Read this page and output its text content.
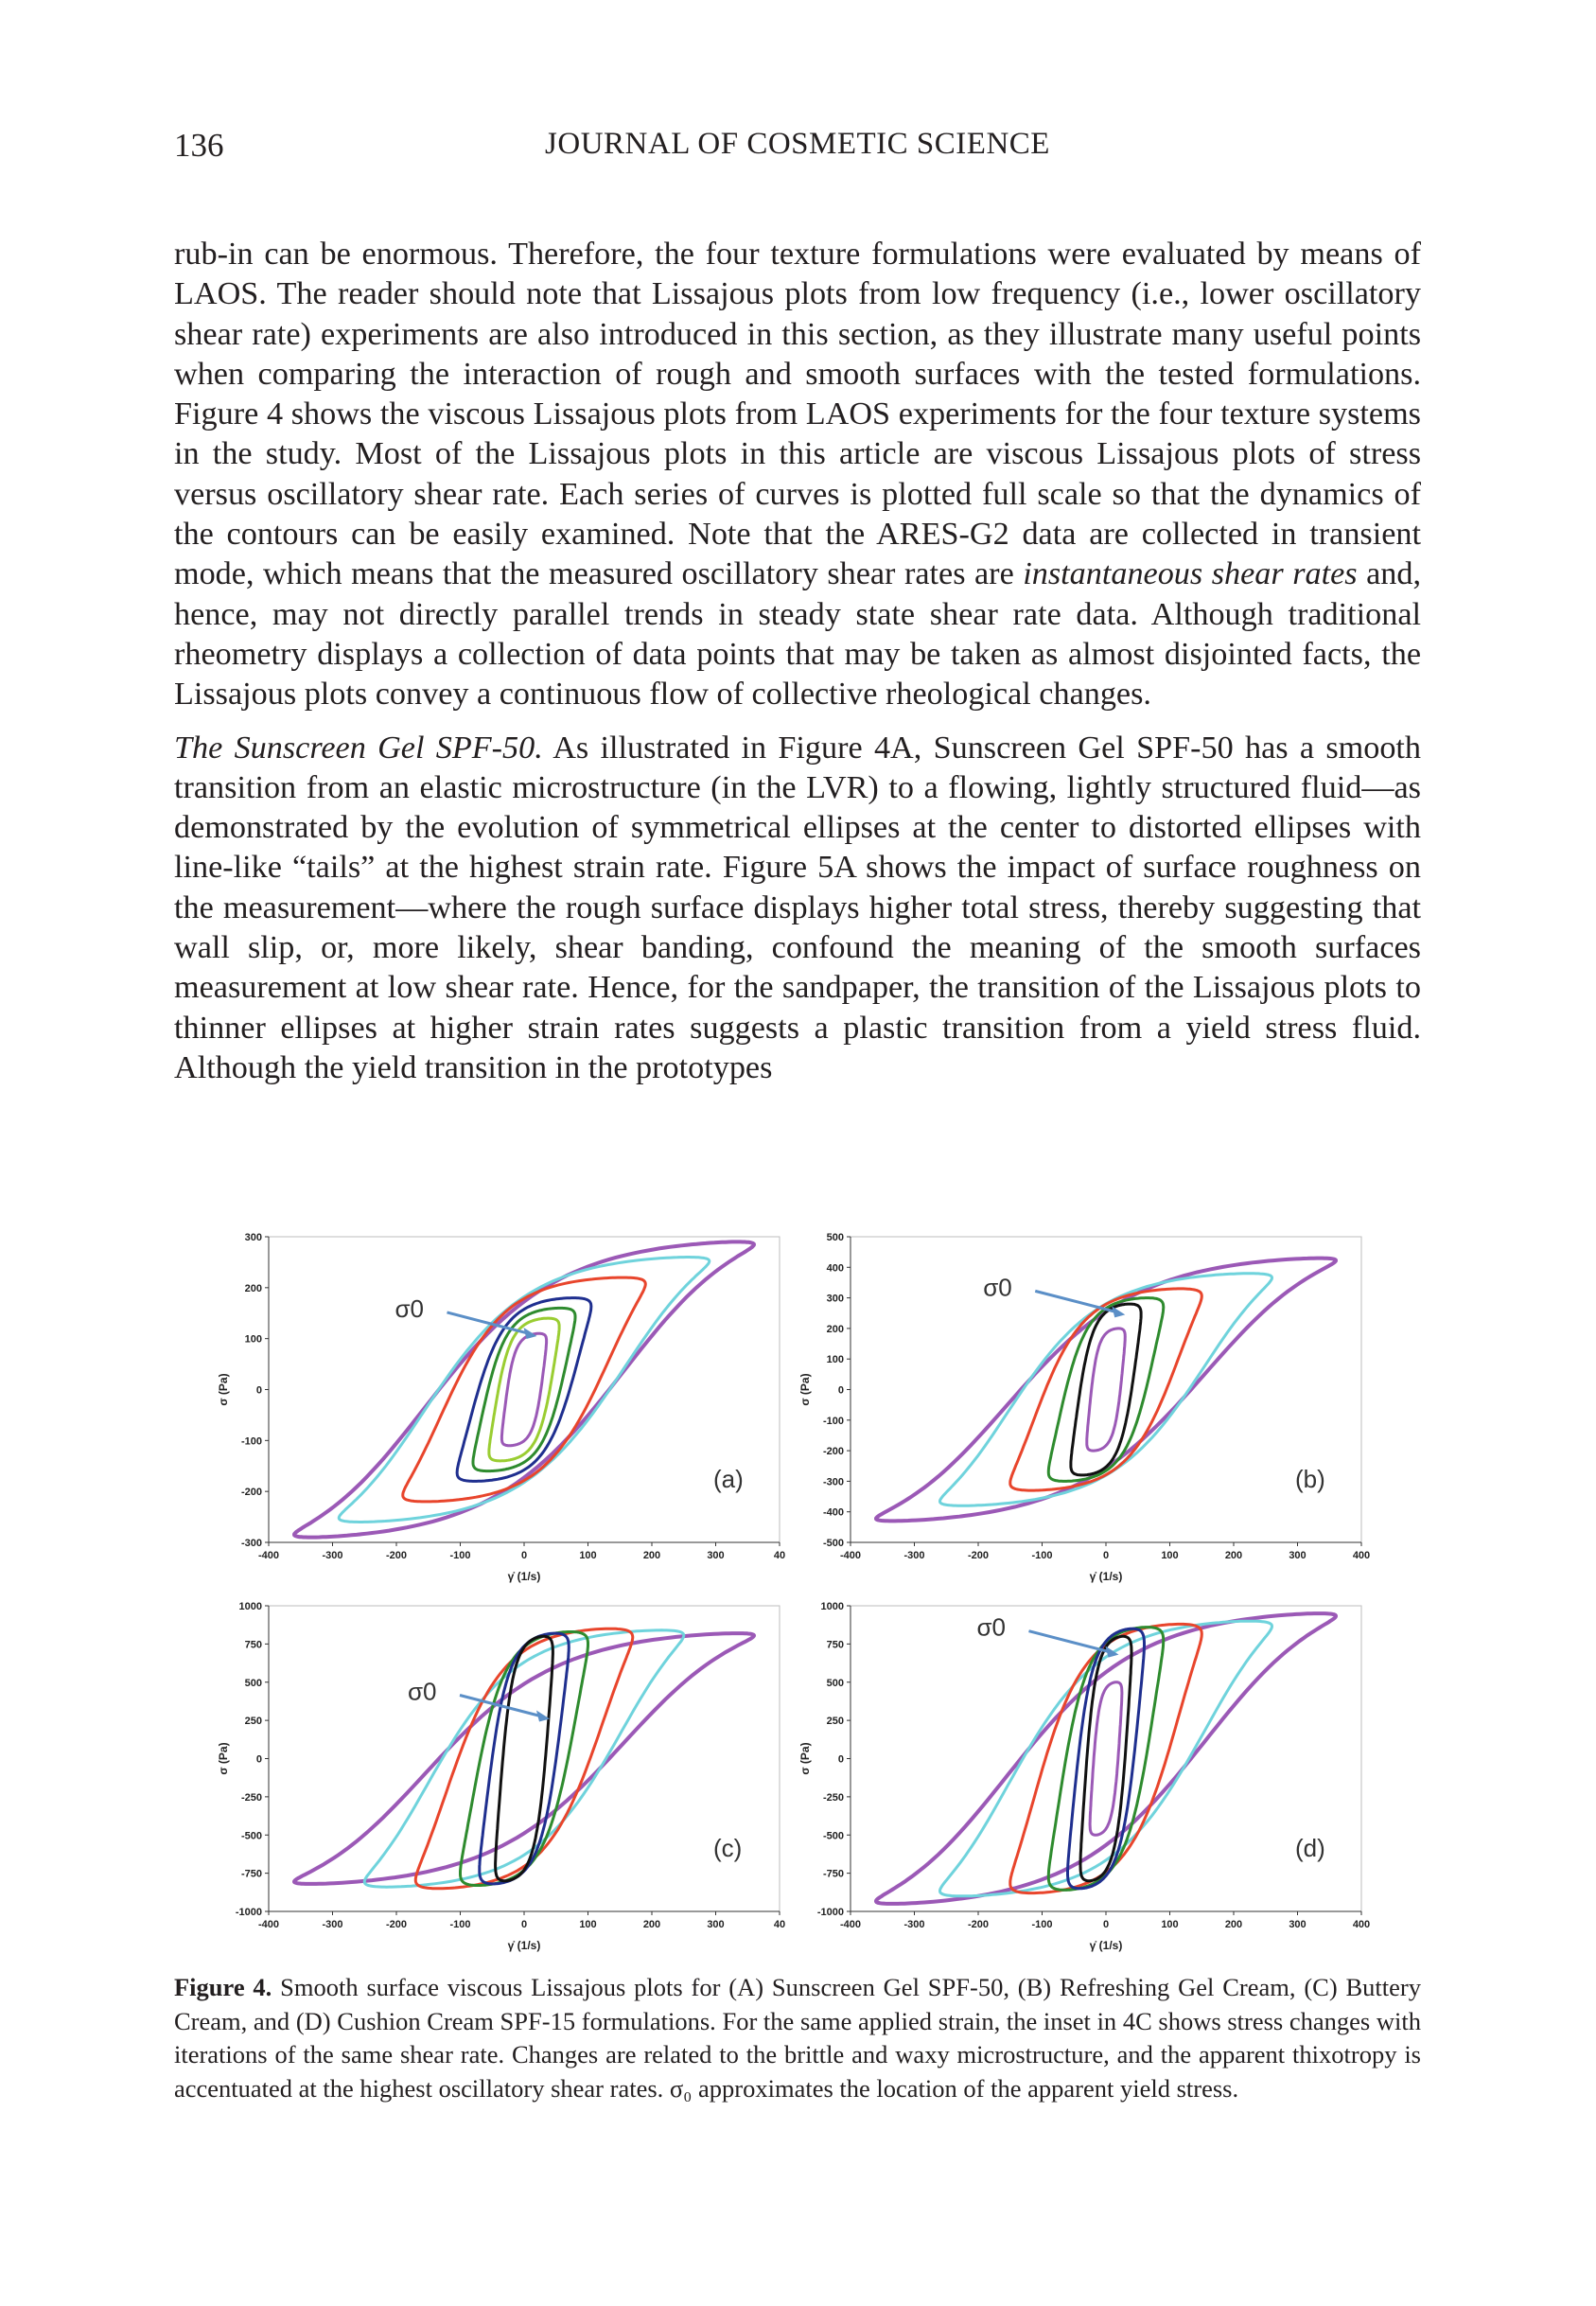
136	JOURNAL OF COSMETIC SCIENCE

rub-in can be enormous. Therefore, the four texture formulations were evaluated by means of LAOS. The reader should note that Lissajous plots from low frequency (i.e., lower oscillatory shear rate) experiments are also introduced in this section, as they illustrate many useful points when comparing the interaction of rough and smooth surfaces with the tested formulations. Figure 4 shows the viscous Lissajous plots from LAOS experiments for the four texture systems in the study. Most of the Lissajous plots in this article are viscous Lissajous plots of stress versus oscillatory shear rate. Each series of curves is plotted full scale so that the dynamics of the contours can be easily examined. Note that the ARES-G2 data are collected in transient mode, which means that the measured oscillatory shear rates are instantaneous shear rates and, hence, may not directly parallel trends in steady state shear rate data. Although traditional rheometry displays a collection of data points that may be taken as almost disjointed facts, the Lissajous plots convey a continuous flow of collective rheological changes.

The Sunscreen Gel SPF-50. As illustrated in Figure 4A, Sunscreen Gel SPF-50 has a smooth transition from an elastic microstructure (in the LVR) to a flowing, lightly structured fluid—as demonstrated by the evolution of symmetrical ellipses at the center to distorted ellipses with line-like “tails” at the highest strain rate. Figure 5A shows the impact of surface roughness on the measurement—where the rough surface displays higher total stress, thereby suggesting that wall slip, or, more likely, shear banding, confound the meaning of the smooth surfaces measurement at low shear rate. Hence, for the sandpaper, the transition of the Lissajous plots to thinner ellipses at higher strain rates suggests a plastic transition from a yield stress fluid. Although the yield transition in the prototypes

-400	-300	-200	-100	0	100	200	300	40
300
200
100
0
-100
-200
-300
γ̇ (1/s)
σ (Pa)
σ0
(a)
-400	-300	-200	-100	0	100	200	300	400
500
400
300
200
100
0
-100
-200
-300
-400
-500
γ̇ (1/s)
σ (Pa)
σ0
(b)
-400	-300	-200	-100	0	100	200	300	40
1000
750
500
250
0
-250
-500
-750
-1000
γ̇ (1/s)
σ (Pa)
σ0
(c)
-400	-300	-200	-100	0	100	200	300	400
1000
750
500
250
0
-250
-500
-750
-1000
γ̇ (1/s)
σ (Pa)
σ0
(d)

Figure 4. Smooth surface viscous Lissajous plots for (A) Sunscreen Gel SPF-50, (B) Refreshing Gel Cream, (C) Buttery Cream, and (D) Cushion Cream SPF-15 formulations. For the same applied strain, the inset in 4C shows stress changes with iterations of the same shear rate. Changes are related to the brittle and waxy microstructure, and the apparent thixotropy is accentuated at the highest oscillatory shear rates. σ₀ approximates the location of the apparent yield stress.
